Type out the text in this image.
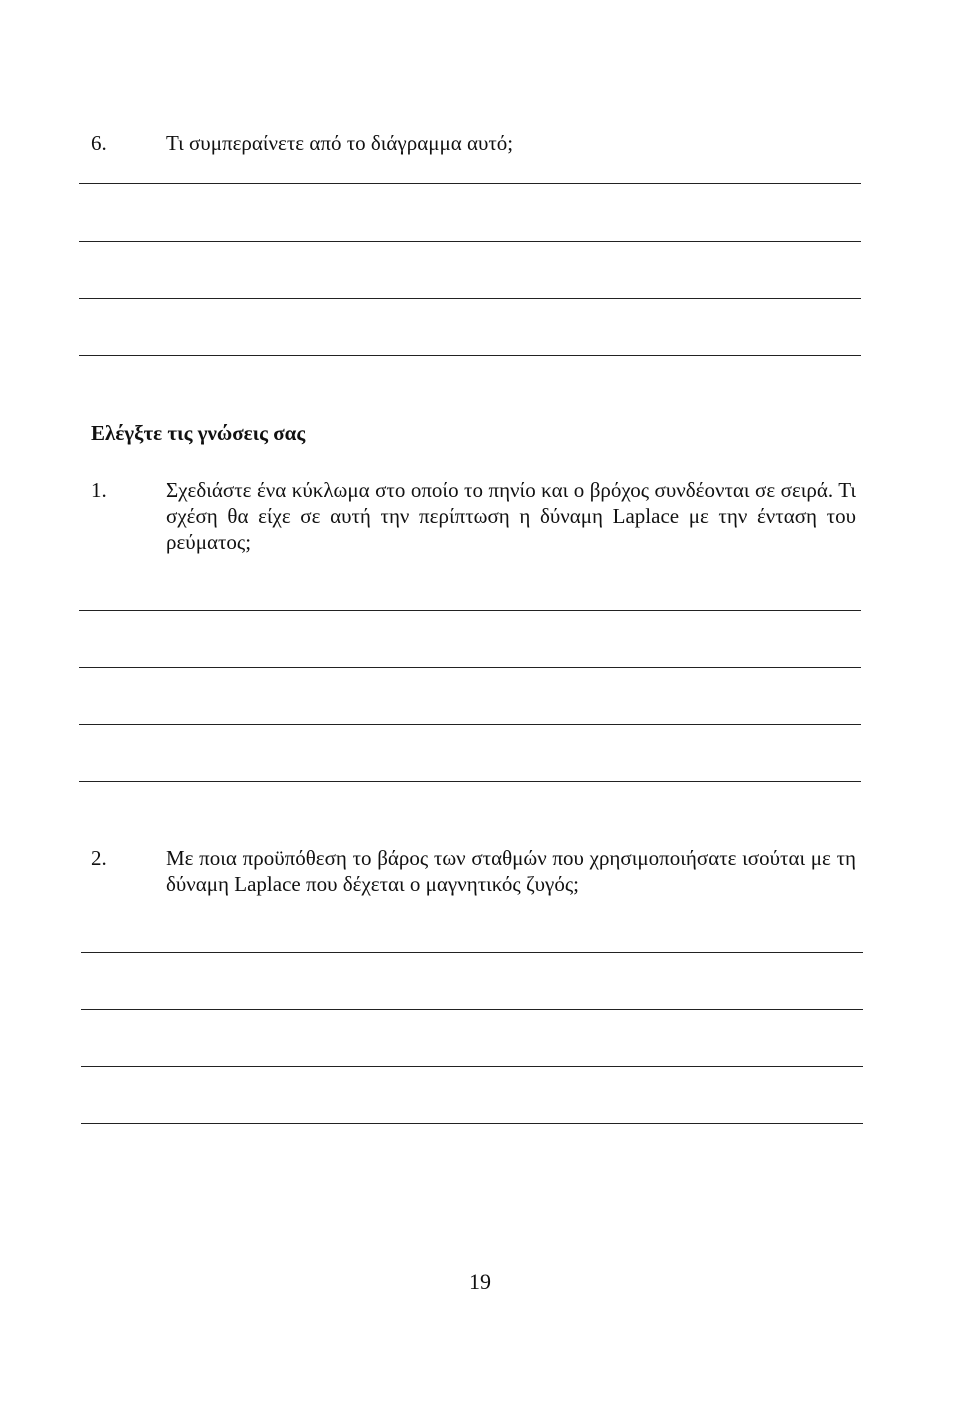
6.	Τι συμπεραίνετε από το διάγραμμα αυτό;
Ελέγξτε τις γνώσεις σας
1.	Σχεδιάστε ένα κύκλωμα στο οποίο το πηνίο και ο βρόχος συνδέονται σε σειρά. Τι σχέση θα είχε σε αυτή την περίπτωση η δύναμη Laplace με την ένταση του ρεύματος;
2.	Με ποια προϋπόθεση το βάρος των σταθμών που χρησιμοποιήσατε ισούται με τη δύναμη Laplace που δέχεται ο μαγνητικός ζυγός;
19
